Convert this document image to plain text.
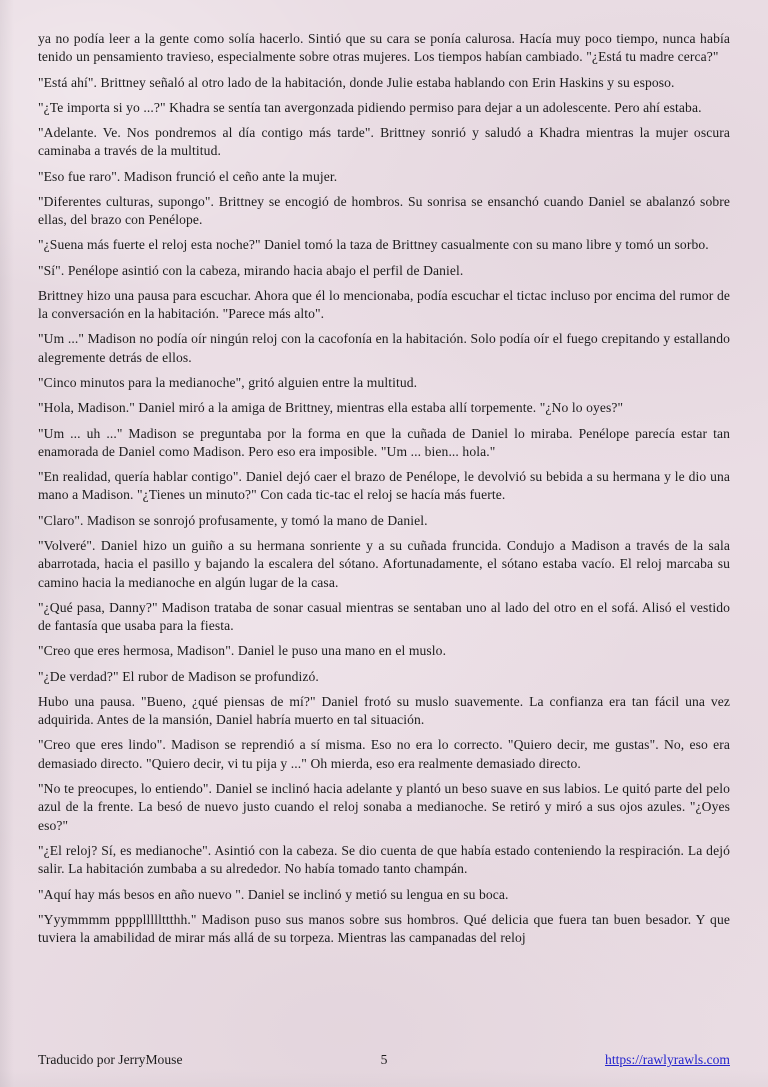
ya no podía leer a la gente como solía hacerlo. Sintió que su cara se ponía calurosa. Hacía muy poco tiempo, nunca había tenido un pensamiento travieso, especialmente sobre otras mujeres. Los tiempos habían cambiado. "¿Está tu madre cerca?"

"Está ahí". Brittney señaló al otro lado de la habitación, donde Julie estaba hablando con Erin Haskins y su esposo.

"¿Te importa si yo ...?" Khadra se sentía tan avergonzada pidiendo permiso para dejar a un adolescente. Pero ahí estaba.

"Adelante. Ve. Nos pondremos al día contigo más tarde". Brittney sonrió y saludó a Khadra mientras la mujer oscura caminaba a través de la multitud.

"Eso fue raro". Madison frunció el ceño ante la mujer.

"Diferentes culturas, supongo". Brittney se encogió de hombros. Su sonrisa se ensanchó cuando Daniel se abalanzó sobre ellas, del brazo con Penélope.

"¿Suena más fuerte el reloj esta noche?" Daniel tomó la taza de Brittney casualmente con su mano libre y tomó un sorbo.

"Sí". Penélope asintió con la cabeza, mirando hacia abajo el perfil de Daniel.

Brittney hizo una pausa para escuchar. Ahora que él lo mencionaba, podía escuchar el tictac incluso por encima del rumor de la conversación en la habitación. "Parece más alto".

"Um ..." Madison no podía oír ningún reloj con la cacofonía en la habitación. Solo podía oír el fuego crepitando y estallando alegremente detrás de ellos.

"Cinco minutos para la medianoche", gritó alguien entre la multitud.

"Hola, Madison." Daniel miró a la amiga de Brittney, mientras ella estaba allí torpemente. "¿No lo oyes?"

"Um ... uh ..." Madison se preguntaba por la forma en que la cuñada de Daniel lo miraba. Penélope parecía estar tan enamorada de Daniel como Madison. Pero eso era imposible. "Um ... bien... hola."

"En realidad, quería hablar contigo". Daniel dejó caer el brazo de Penélope, le devolvió su bebida a su hermana y le dio una mano a Madison. "¿Tienes un minuto?" Con cada tic-tac el reloj se hacía más fuerte.

"Claro". Madison se sonrojó profusamente, y tomó la mano de Daniel.

"Volveré". Daniel hizo un guiño a su hermana sonriente y a su cuñada fruncida. Condujo a Madison a través de la sala abarrotada, hacia el pasillo y bajando la escalera del sótano. Afortunadamente, el sótano estaba vacío. El reloj marcaba su camino hacia la medianoche en algún lugar de la casa.

"¿Qué pasa, Danny?" Madison trataba de sonar casual mientras se sentaban uno al lado del otro en el sofá. Alisó el vestido de fantasía que usaba para la fiesta.

"Creo que eres hermosa, Madison". Daniel le puso una mano en el muslo.

"¿De verdad?" El rubor de Madison se profundizó.

Hubo una pausa. "Bueno, ¿qué piensas de mí?" Daniel frotó su muslo suavemente. La confianza era tan fácil una vez adquirida. Antes de la mansión, Daniel habría muerto en tal situación.

"Creo que eres lindo". Madison se reprendió a sí misma. Eso no era lo correcto. "Quiero decir, me gustas". No, eso era demasiado directo. "Quiero decir, vi tu pija y ..." Oh mierda, eso era realmente demasiado directo.

"No te preocupes, lo entiendo". Daniel se inclinó hacia adelante y plantó un beso suave en sus labios. Le quitó parte del pelo azul de la frente. La besó de nuevo justo cuando el reloj sonaba a medianoche. Se retiró y miró a sus ojos azules. "¿Oyes eso?"

"¿El reloj? Sí, es medianoche". Asintió con la cabeza. Se dio cuenta de que había estado conteniendo la respiración. La dejó salir. La habitación zumbaba a su alrededor. No había tomado tanto champán.

"Aquí hay más besos en año nuevo ". Daniel se inclinó y metió su lengua en su boca.

"Yyymmmm pppplllllttthh." Madison puso sus manos sobre sus hombros. Qué delicia que fuera tan buen besador. Y que tuviera la amabilidad de mirar más allá de su torpeza. Mientras las campanadas del reloj

Traducido por JerryMouse	5	https://rawlyrawls.com
